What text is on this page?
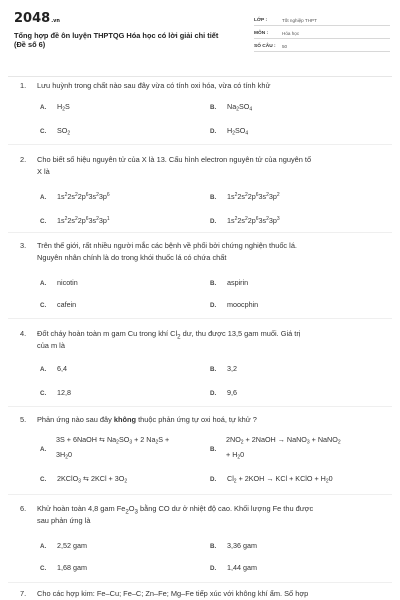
2048.vn
Tổng hợp đề ôn luyện THPTQG Hóa học có lời giải chi tiết
(Đề số 6)
LỚP :	Tốt nghiệp THPT
MÔN :	Hóa học
SỐ CÂU :	50
1. Lưu huỳnh trong chất nào sau đây vừa có tính oxi hóa, vừa có tính khử
A. $H_2S$	B. $Na_2SO_4$
C. $SO_2$	D. $H_2SO_4$
2. Cho biết số hiệu nguyên tử của X là 13. Cấu hình electron nguyên tử của nguyên tố
X là
A. $1s^22s^22p^63s^23p^6$	B. $1s^22s^22p^63s^23p^2$
C. $1s^22s^22p^63s^23p^1$	D. $1s^22s^22p^63s^23p^3$
3. Trên thế giới, rất nhiều người mắc các bệnh về phổi bởi chứng nghiện thuốc lá.
Nguyên nhân chính là do trong khói thuốc lá có chứa chất
A. nicotin	B. aspirin
C. cafein	D. moocphin
4. Đốt cháy hoàn toàn m gam Cu trong khí $Cl_2$ dư, thu được 13,5 gam muối. Giá trị
của m là
A. 6,4	B. 3,2
C. 12,8	D. 9,6
5. Phản ứng nào sau đây không thuộc phản ứng tự oxi hoá, tự khử ?
A.
3S + 6NaOH ⇆ $Na_2SO_3 + 2$ $Na_2S$ +
$3H_20$	B.
$2NO_2$ + 2NaOH → NaNO$_3$ + NaNO$_2$
+ $H_20$
C. 2KClO$_3$ ⇆ $2KCl + 3O_2$	D. $Cl_2 + 2KOH$ → KCl + KClO + $H_20$
6. Khử hoàn toàn 4,8 gam $Fe_2O_3$ bằng CO dư ở nhiệt độ cao. Khối lượng Fe thu được
sau phản ứng là
A. 2,52 gam	B. 3,36 gam
C. 1,68 gam	D. 1,44 gam
7. Cho các hợp kim: Fe–Cu; Fe–C; Zn–Fe; Mg–Fe tiếp xúc với không khí ẩm. Số hợp
